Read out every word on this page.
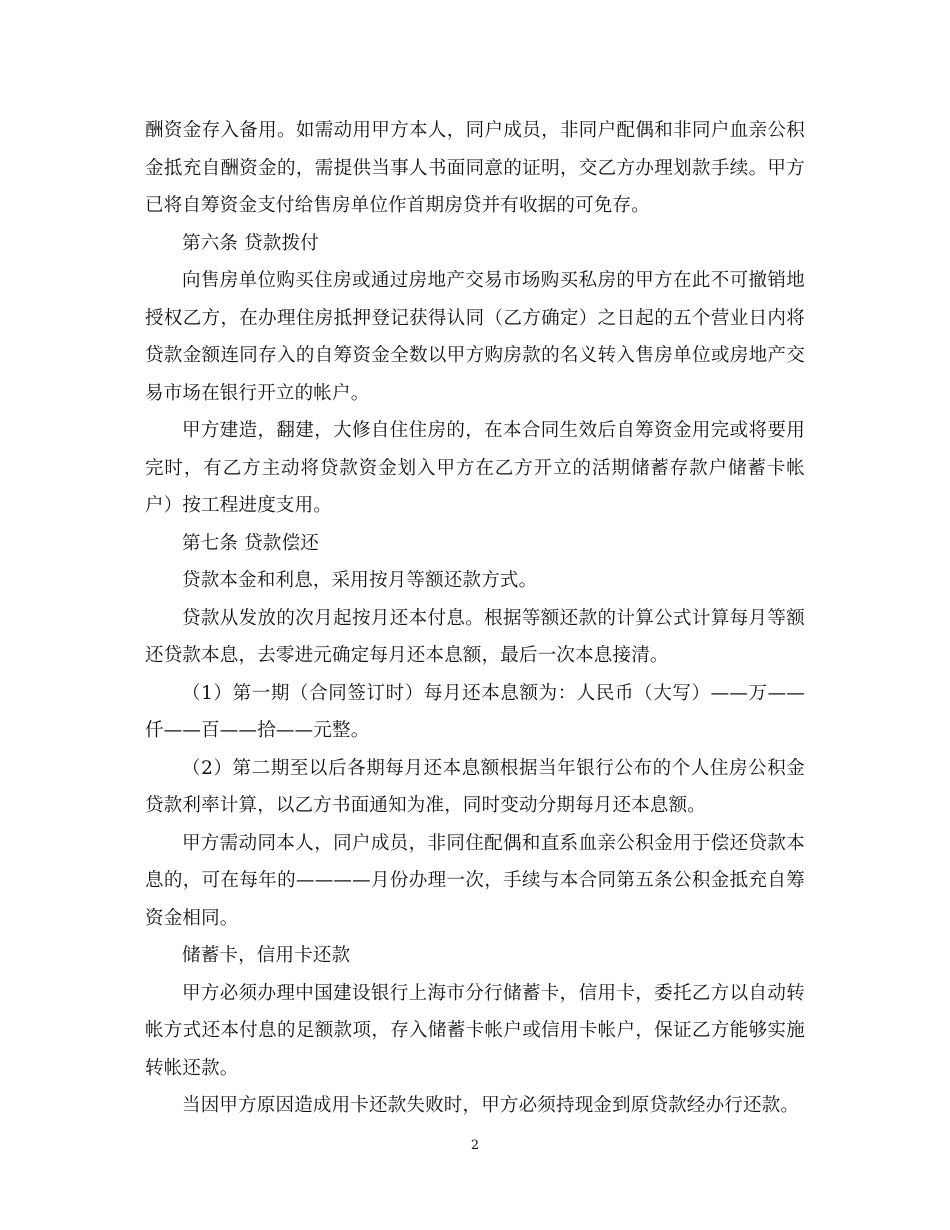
酬资金存入备用。如需动用甲方本人，同户成员，非同户配偶和非同户血亲公积金抵充自酬资金的，需提供当事人书面同意的证明，交乙方办理划款手续。甲方已将自筹资金支付给售房单位作首期房贷并有收据的可免存。

第六条 贷款拨付

向售房单位购买住房或通过房地产交易市场购买私房的甲方在此不可撤销地授权乙方，在办理住房抵押登记获得认同（乙方确定）之日起的五个营业日内将贷款金额连同存入的自筹资金全数以甲方购房款的名义转入售房单位或房地产交易市场在银行开立的帐户。

甲方建造，翻建，大修自住住房的，在本合同生效后自筹资金用完或将要用完时，有乙方主动将贷款资金划入甲方在乙方开立的活期储蓄存款户储蓄卡帐户）按工程进度支用。

第七条 贷款偿还

贷款本金和利息，采用按月等额还款方式。

贷款从发放的次月起按月还本付息。根据等额还款的计算公式计算每月等额还贷款本息，去零进元确定每月还本息额，最后一次本息接清。

（1）第一期（合同签订时）每月还本息额为：人民币（大写）——万——仟——百——拾——元整。

（2）第二期至以后各期每月还本息额根据当年银行公布的个人住房公积金贷款利率计算，以乙方书面通知为准，同时变动分期每月还本息额。

甲方需动同本人，同户成员，非同住配偶和直系血亲公积金用于偿还贷款本息的，可在每年的————月份办理一次，手续与本合同第五条公积金抵充自筹资金相同。

储蓄卡，信用卡还款

甲方必须办理中国建设银行上海市分行储蓄卡，信用卡，委托乙方以自动转帐方式还本付息的足额款项，存入储蓄卡帐户或信用卡帐户，保证乙方能够实施转帐还款。

当因甲方原因造成用卡还款失败时，甲方必须持现金到原贷款经办行还款。

2
